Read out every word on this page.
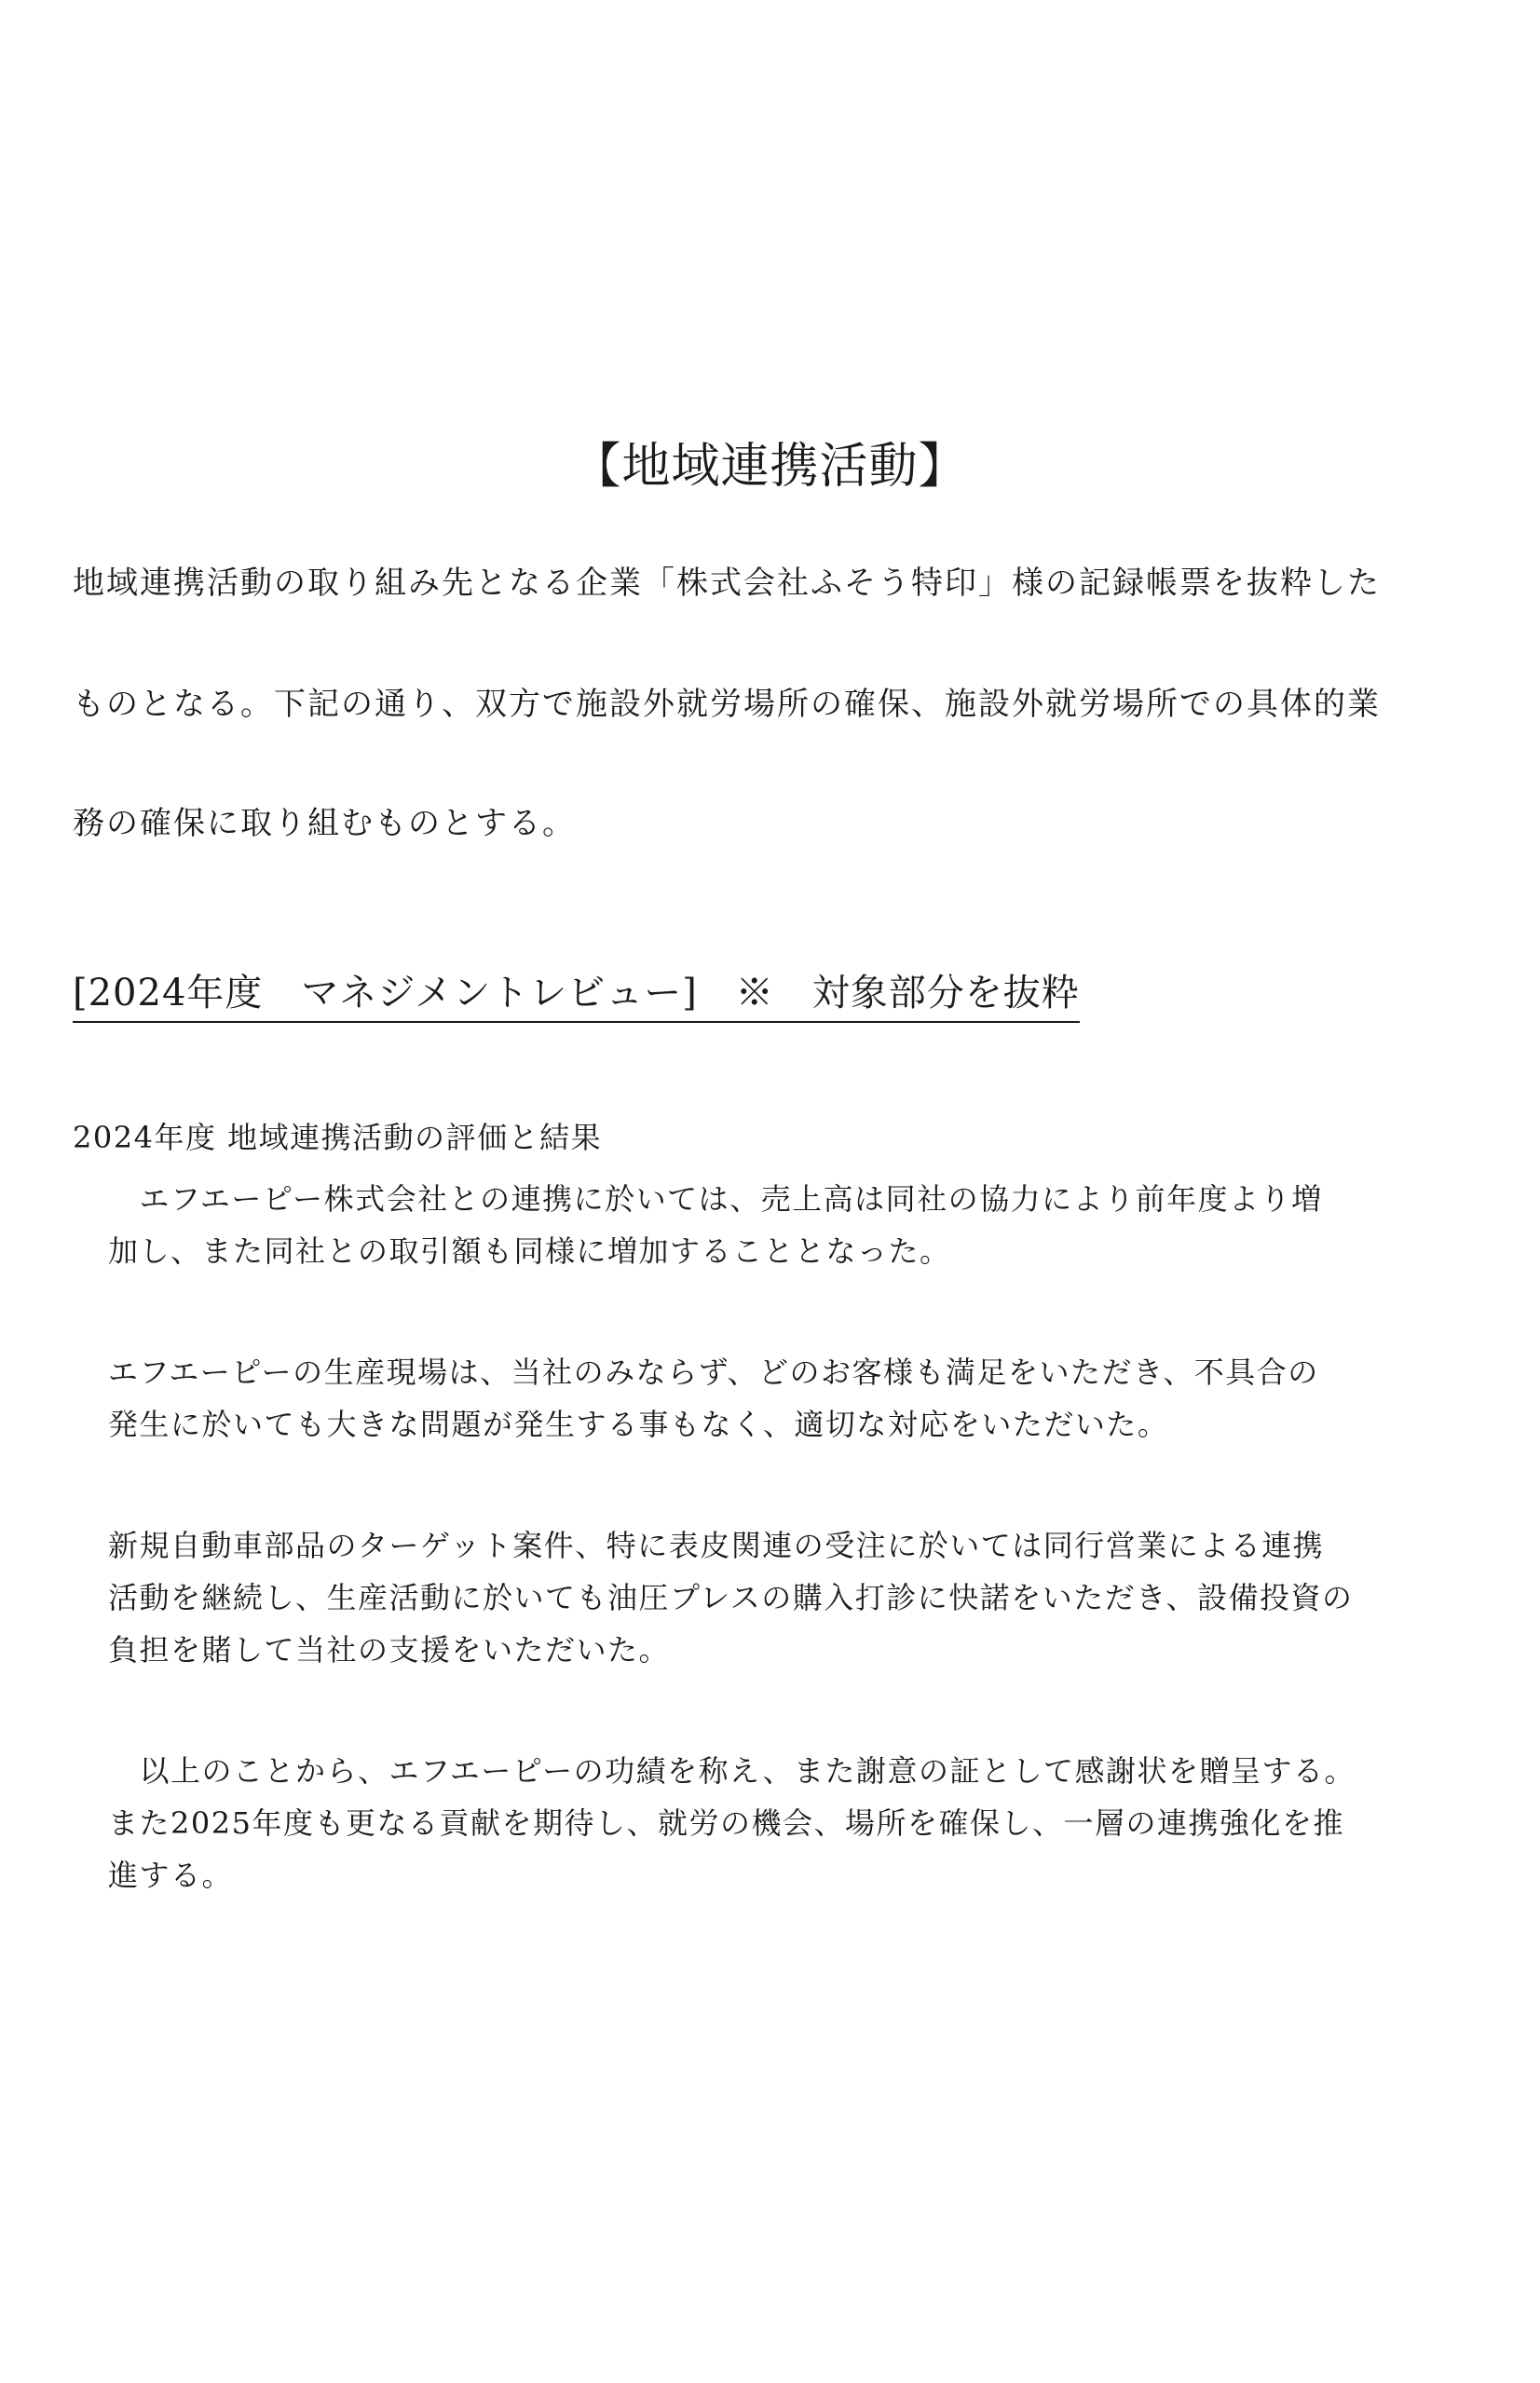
【地域連携活動】
地域連携活動の取り組み先となる企業「株式会社ふそう特印」様の記録帳票を抜粋した
ものとなる。下記の通り、双方で施設外就労場所の確保、施設外就労場所での具体的業
務の確保に取り組むものとする。
[2024年度　マネジメントレビュー]　※　対象部分を抜粋
2024年度 地域連携活動の評価と結果
　エフエーピー株式会社との連携に於いては、売上高は同社の協力により前年度より増
加し、また同社との取引額も同様に増加することとなった。
エフエーピーの生産現場は、当社のみならず、どのお客様も満足をいただき、不具合の
発生に於いても大きな問題が発生する事もなく、適切な対応をいただいた。
新規自動車部品のターゲット案件、特に表皮関連の受注に於いては同行営業による連携
活動を継続し、生産活動に於いても油圧プレスの購入打診に快諾をいただき、設備投資の
負担を賭して当社の支援をいただいた。
　以上のことから、エフエーピーの功績を称え、また謝意の証として感謝状を贈呈する。
また2025年度も更なる貢献を期待し、就労の機会、場所を確保し、一層の連携強化を推
進する。
